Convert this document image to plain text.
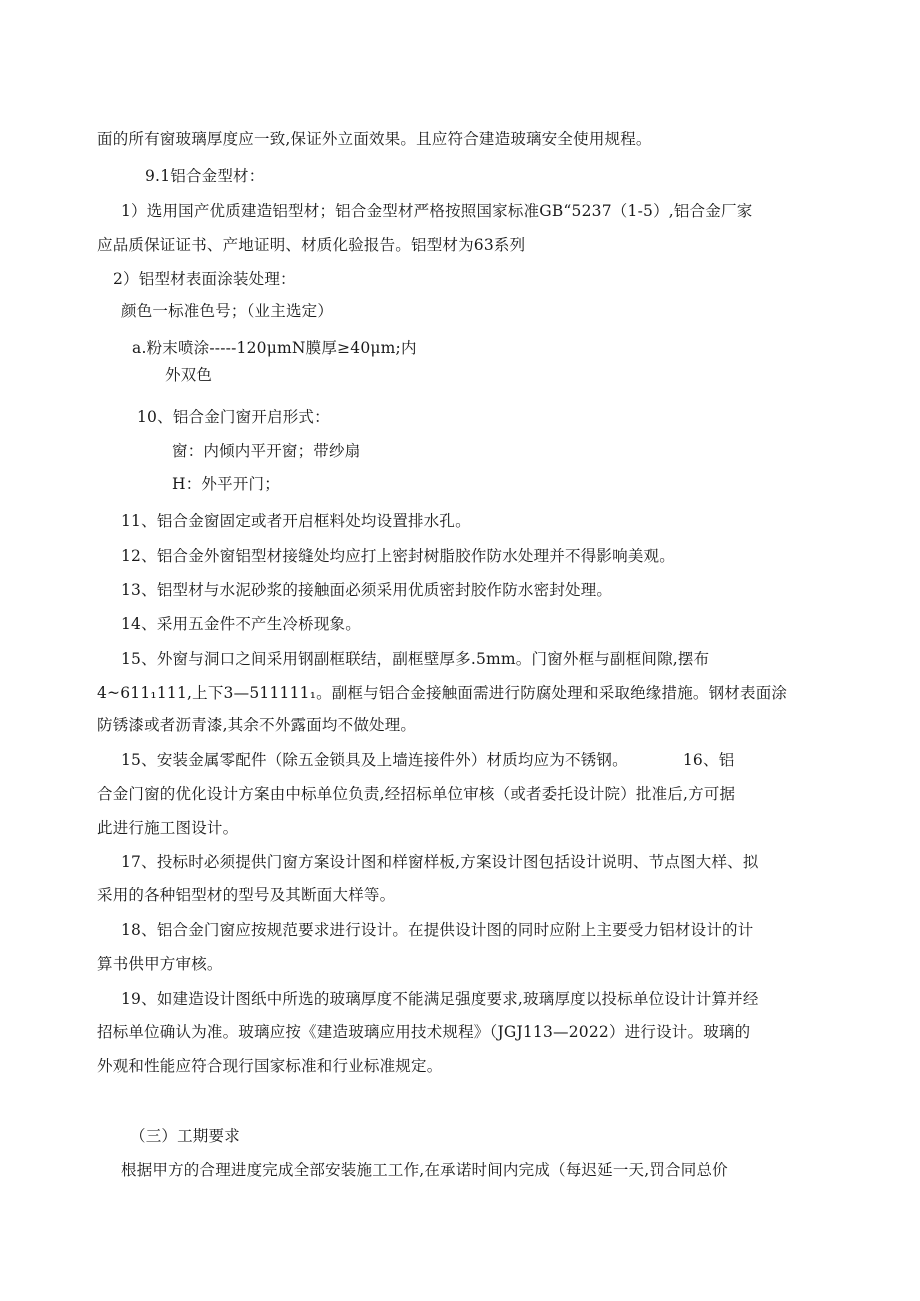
面的所有窗玻璃厚度应一致,保证外立面效果。且应符合建造玻璃安全使用规程。
9.1铝合金型材：
1）选用国产优质建造铝型材；铝合金型材严格按照国家标准GB“5237（1-5）,铝合金厂家
应品质保证证书、产地证明、材质化验报告。铝型材为63系列
2）铝型材表面涂装处理：
颜色一标准色号；（业主选定）
a.粉末喷涂-----120μmN膜厚≥40μm;内
外双色
10、铝合金门窗开启形式：
窗：内倾内平开窗；带纱扇
H：外平开门；
11、铝合金窗固定或者开启框料处均设置排水孔。
12、铝合金外窗铝型材接缝处均应打上密封树脂胶作防水处理并不得影响美观。
13、铝型材与水泥砂浆的接触面必须采用优质密封胶作防水密封处理。
14、采用五金件不产生冷桥现象。
15、外窗与洞口之间采用钢副框联结，副框壁厚多.5mm。门窗外框与副框间隙,摆布
4~611₁111,上下3—511111₁。副框与铝合金接触面需进行防腐处理和采取绝缘措施。钢材表面涂
防锈漆或者沥青漆,其余不外露面均不做处理。
15、安装金属零配件（除五金锁具及上墙连接件外）材质均应为不锈钢。　　　　16、铝
合金门窗的优化设计方案由中标单位负责,经招标单位审核（或者委托设计院）批准后,方可据
此进行施工图设计。
17、投标时必须提供门窗方案设计图和样窗样板,方案设计图包括设计说明、节点图大样、拟
采用的各种铝型材的型号及其断面大样等。
18、铝合金门窗应按规范要求进行设计。在提供设计图的同时应附上主要受力铝材设计的计
算书供甲方审核。
19、如建造设计图纸中所选的玻璃厚度不能满足强度要求,玻璃厚度以投标单位设计计算并经
招标单位确认为准。玻璃应按《建造玻璃应用技术规程》（JGJ113—2022）进行设计。玻璃的
外观和性能应符合现行国家标准和行业标准规定。
（三）工期要求
根据甲方的合理进度完成全部安装施工工作,在承诺时间内完成（每迟延一天,罚合同总价
